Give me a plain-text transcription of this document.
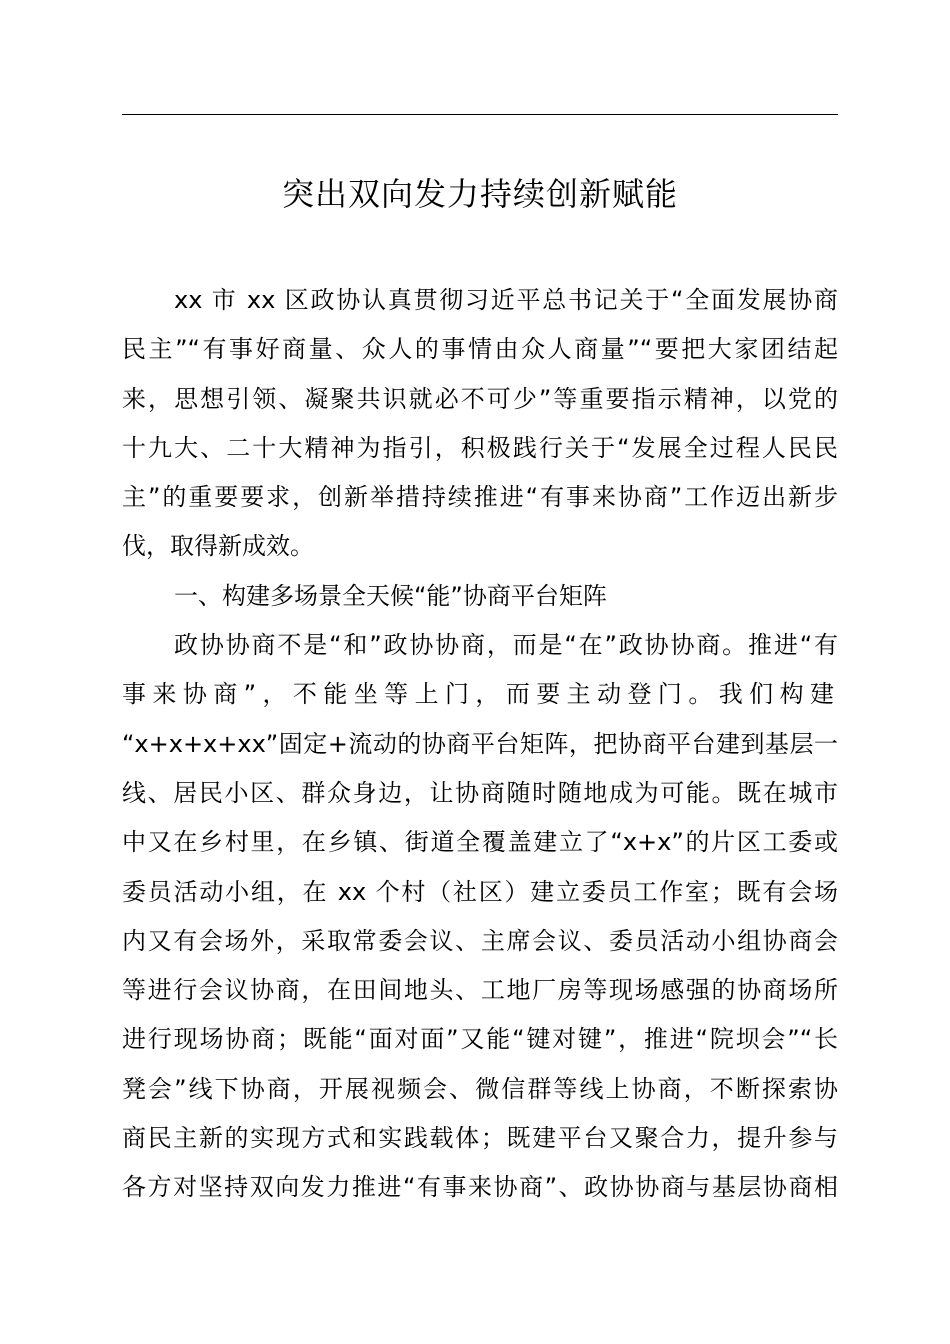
突出双向发力持续创新赋能
xx 市 xx 区政协认真贯彻习近平总书记关于“全面发展协商
民主”“有事好商量、众人的事情由众人商量”“要把大家团结起
来，思想引领、凝聚共识就必不可少”等重要指示精神，以党的
十九大、二十大精神为指引，积极践行关于“发展全过程人民民
主”的重要要求，创新举措持续推进“有事来协商”工作迈出新步
伐，取得新成效。
一、构建多场景全天候“能”协商平台矩阵
政协协商不是“和”政协协商，而是“在”政协协商。推进“有
事来协商”，不能坐等上门，而要主动登门。我们构建
“x+x+x+xx”固定+流动的协商平台矩阵，把协商平台建到基层一
线、居民小区、群众身边，让协商随时随地成为可能。既在城市
中又在乡村里，在乡镇、街道全覆盖建立了“x+x”的片区工委或
委员活动小组，在 xx 个村（社区）建立委员工作室；既有会场
内又有会场外，采取常委会议、主席会议、委员活动小组协商会
等进行会议协商，在田间地头、工地厂房等现场感强的协商场所
进行现场协商；既能“面对面”又能“键对键”，推进“院坝会”“长
凳会”线下协商，开展视频会、微信群等线上协商，不断探索协
商民主新的实现方式和实践载体；既建平台又聚合力，提升参与
各方对坚持双向发力推进“有事来协商”、政协协商与基层协商相
